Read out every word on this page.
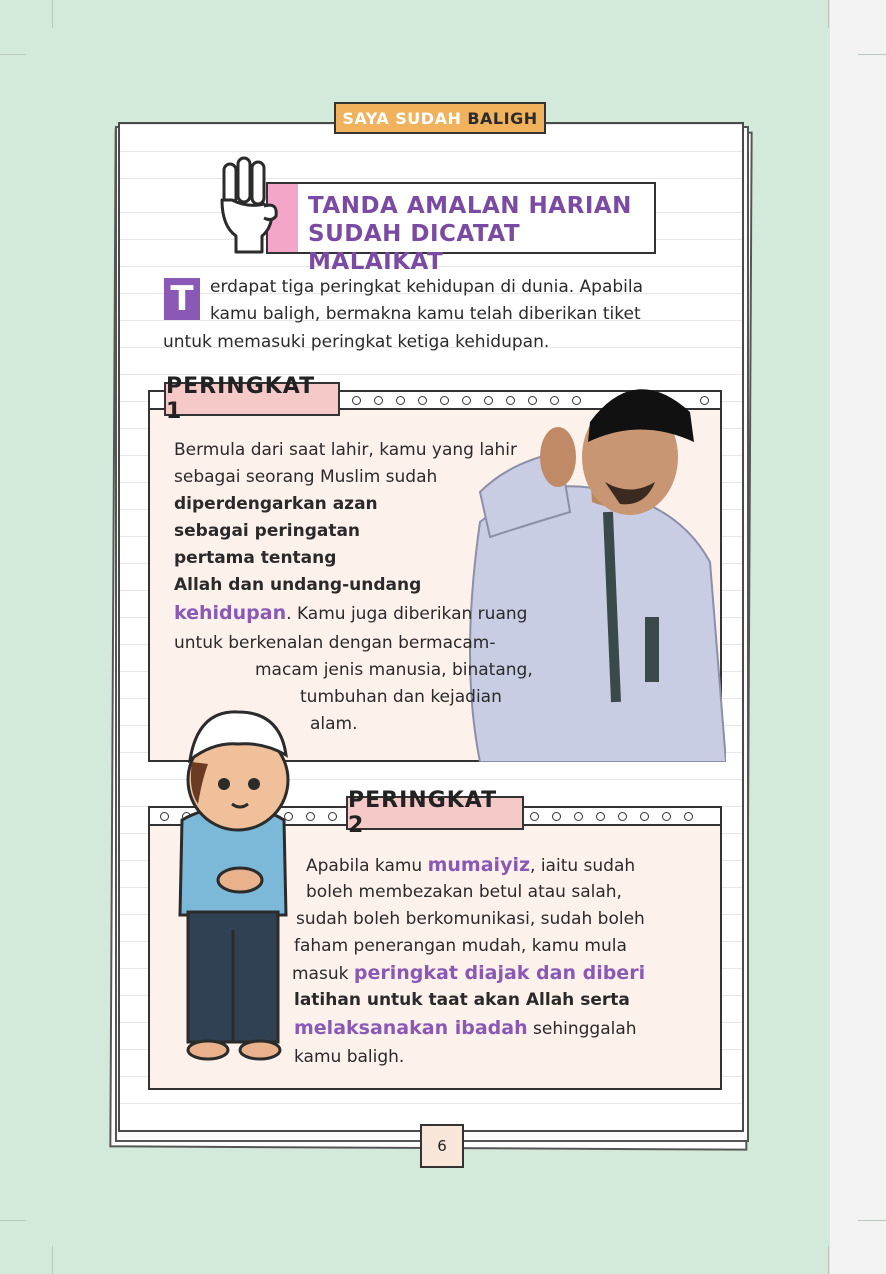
SAYA SUDAH BALIGH
TANDA AMALAN HARIAN
SUDAH DICATAT MALAIKAT
T erdapat tiga peringkat kehidupan di dunia. Apabila
kamu baligh, bermakna kamu telah diberikan tiket
untuk memasuki peringkat ketiga kehidupan.
PERINGKAT 1
Bermula dari saat lahir, kamu yang lahir
sebagai seorang Muslim sudah
diperdengarkan azan
sebagai peringatan
pertama tentang
Allah dan undang-undang
kehidupan. Kamu juga diberikan ruang
untuk berkenalan dengan bermacam-
macam jenis manusia, binatang,
tumbuhan dan kejadian
alam.
PERINGKAT 2
Apabila kamu mumaiyiz, iaitu sudah
boleh membezakan betul atau salah,
sudah boleh berkomunikasi, sudah boleh
faham penerangan mudah, kamu mula
masuk peringkat diajak dan diberi
latihan untuk taat akan Allah serta
melaksanakan ibadah sehinggalah
kamu baligh.
6
